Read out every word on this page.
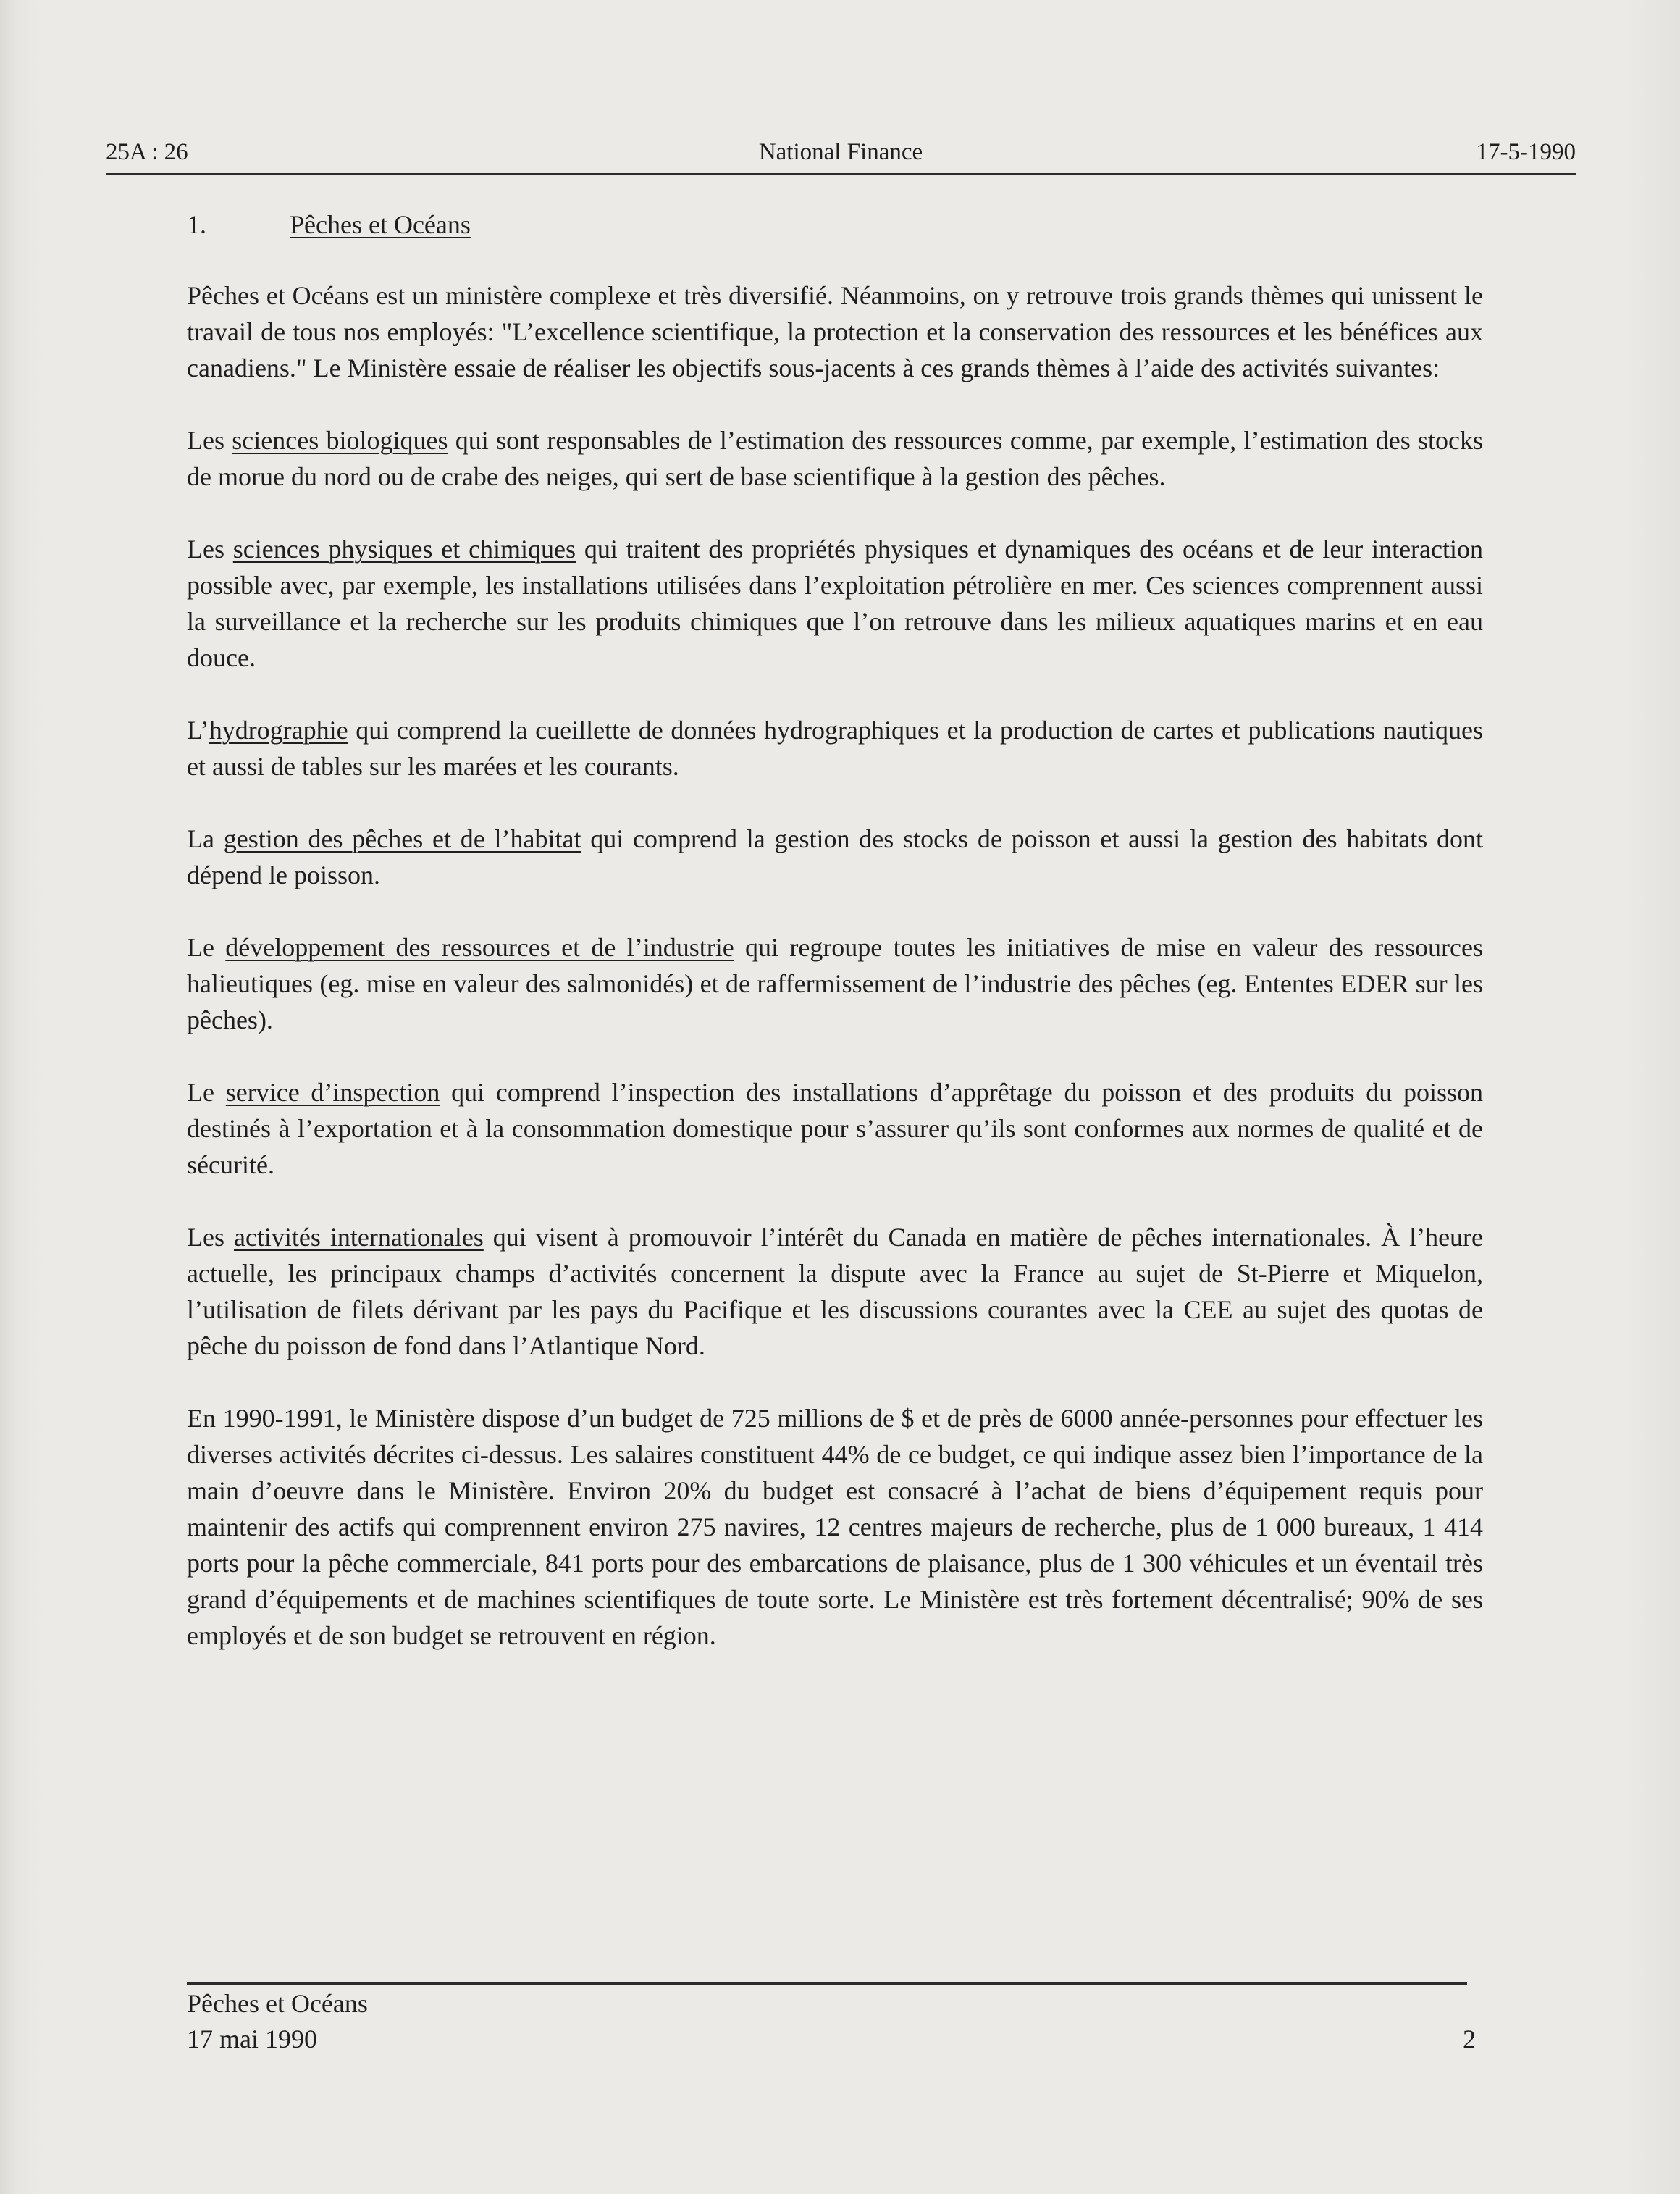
25A : 26	National Finance	17-5-1990
1.	Pêches et Océans

Pêches et Océans est un ministère complexe et très diversifié. Néanmoins, on y retrouve trois grands thèmes qui unissent le travail de tous nos employés: "L’excellence scientifique, la protection et la conservation des ressources et les bénéfices aux canadiens." Le Ministère essaie de réaliser les objectifs sous-jacents à ces grands thèmes à l’aide des activités suivantes:

Les sciences biologiques qui sont responsables de l’estimation des ressources comme, par exemple, l’estimation des stocks de morue du nord ou de crabe des neiges, qui sert de base scientifique à la gestion des pêches.

Les sciences physiques et chimiques qui traitent des propriétés physiques et dynamiques des océans et de leur interaction possible avec, par exemple, les installations utilisées dans l’exploitation pétrolière en mer. Ces sciences comprennent aussi la surveillance et la recherche sur les produits chimiques que l’on retrouve dans les milieux aquatiques marins et en eau douce.

L’hydrographie qui comprend la cueillette de données hydrographiques et la production de cartes et publications nautiques et aussi de tables sur les marées et les courants.

La gestion des pêches et de l’habitat qui comprend la gestion des stocks de poisson et aussi la gestion des habitats dont dépend le poisson.

Le développement des ressources et de l’industrie qui regroupe toutes les initiatives de mise en valeur des ressources halieutiques (eg. mise en valeur des salmonidés) et de raffermissement de l’industrie des pêches (eg. Ententes EDER sur les pêches).

Le service d’inspection qui comprend l’inspection des installations d’apprêtage du poisson et des produits du poisson destinés à l’exportation et à la consommation domestique pour s’assurer qu’ils sont conformes aux normes de qualité et de sécurité.

Les activités internationales qui visent à promouvoir l’intérêt du Canada en matière de pêches internationales. À l’heure actuelle, les principaux champs d’activités concernent la dispute avec la France au sujet de St-Pierre et Miquelon, l’utilisation de filets dérivant par les pays du Pacifique et les discussions courantes avec la CEE au sujet des quotas de pêche du poisson de fond dans l’Atlantique Nord.

En 1990-1991, le Ministère dispose d’un budget de 725 millions de $ et de près de 6000 année-personnes pour effectuer les diverses activités décrites ci-dessus. Les salaires constituent 44% de ce budget, ce qui indique assez bien l’importance de la main d’oeuvre dans le Ministère. Environ 20% du budget est consacré à l’achat de biens d’équipement requis pour maintenir des actifs qui comprennent environ 275 navires, 12 centres majeurs de recherche, plus de 1 000 bureaux, 1 414 ports pour la pêche commerciale, 841 ports pour des embarcations de plaisance, plus de 1 300 véhicules et un éventail très grand d’équipements et de machines scientifiques de toute sorte. Le Ministère est très fortement décentralisé; 90% de ses employés et de son budget se retrouvent en région.

Pêches et Océans
17 mai 1990	2
